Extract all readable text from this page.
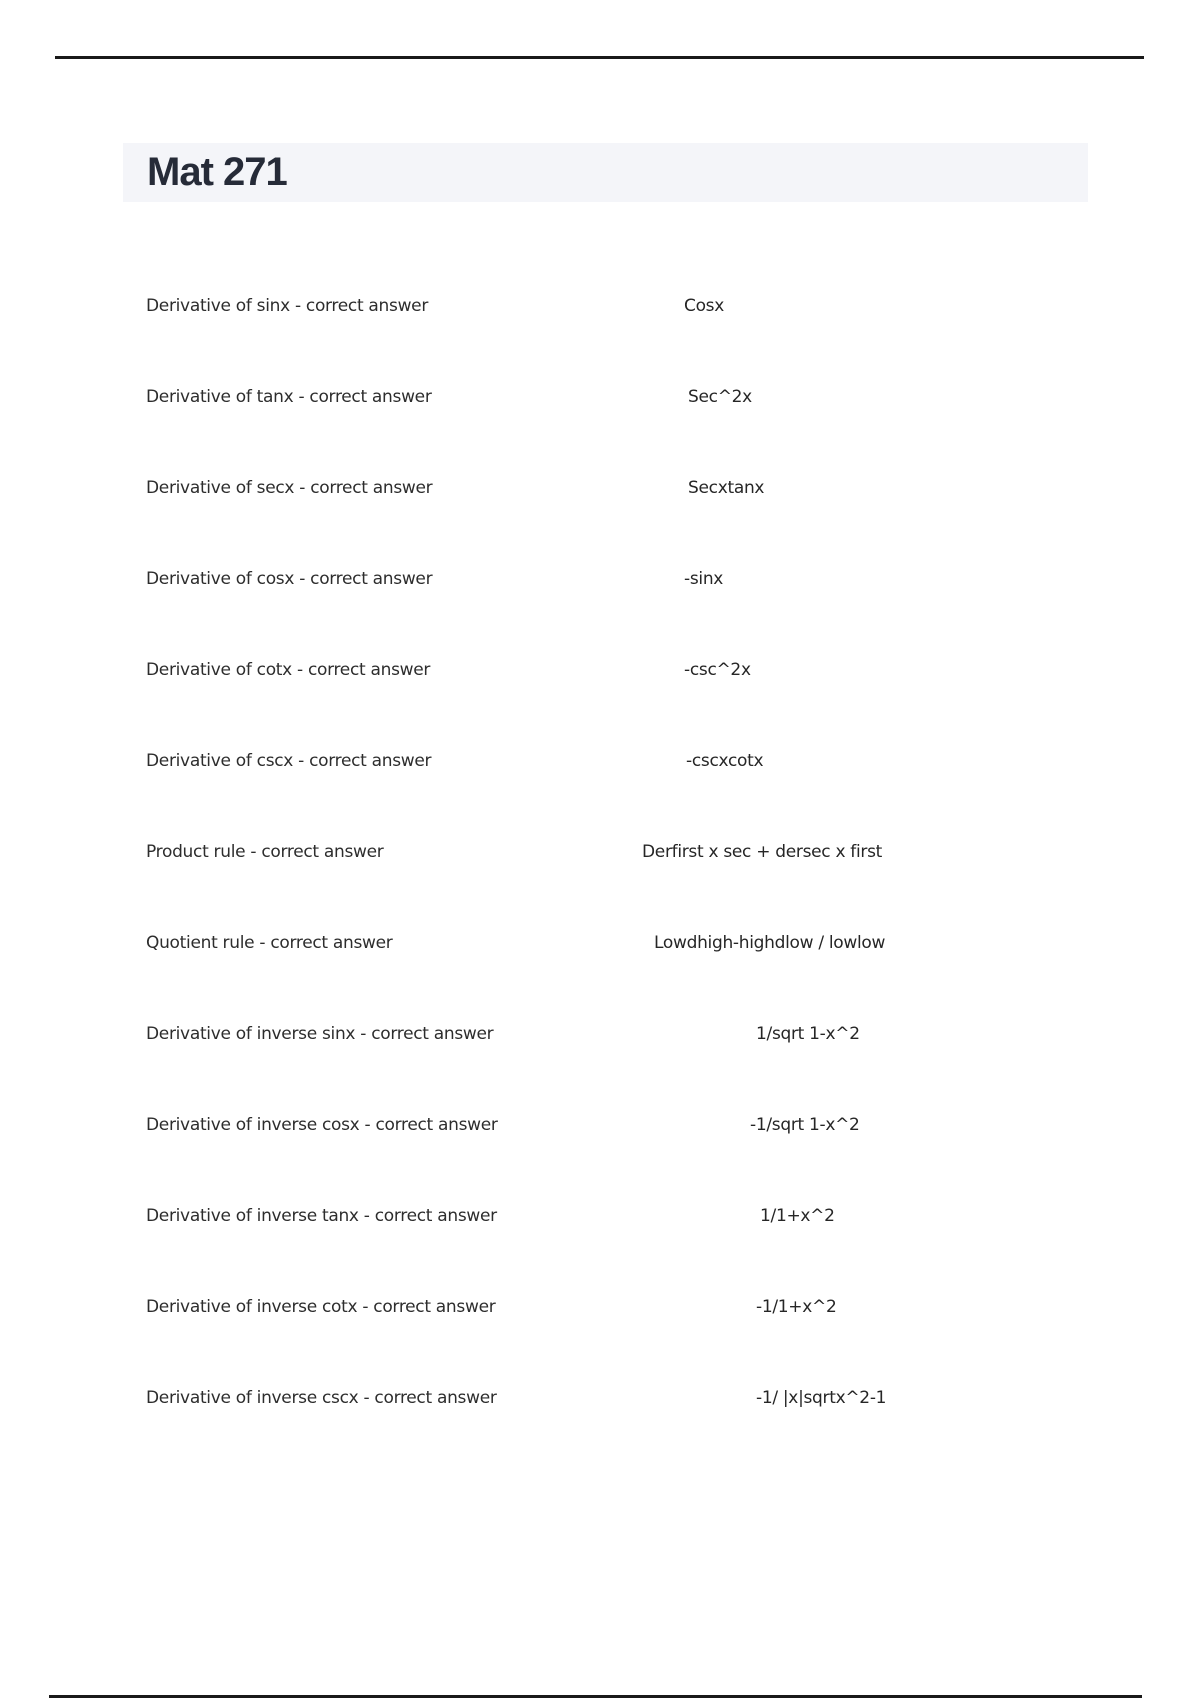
Mat 271
Derivative of sinx - correct answer	Cosx
Derivative of tanx - correct answer	Sec^2x
Derivative of secx - correct answer	Secxtanx
Derivative of cosx - correct answer	-sinx
Derivative of cotx - correct answer	-csc^2x
Derivative of cscx - correct answer	-cscxcotx
Product rule - correct answer	Derfirst x sec + dersec x first
Quotient rule - correct answer	Lowdhigh-highdlow / lowlow
Derivative of inverse sinx - correct answer	1/sqrt 1-x^2
Derivative of inverse cosx - correct answer	-1/sqrt 1-x^2
Derivative of inverse tanx - correct answer	1/1+x^2
Derivative of inverse cotx - correct answer	-1/1+x^2
Derivative of inverse cscx - correct answer	-1/ |x|sqrtx^2-1
